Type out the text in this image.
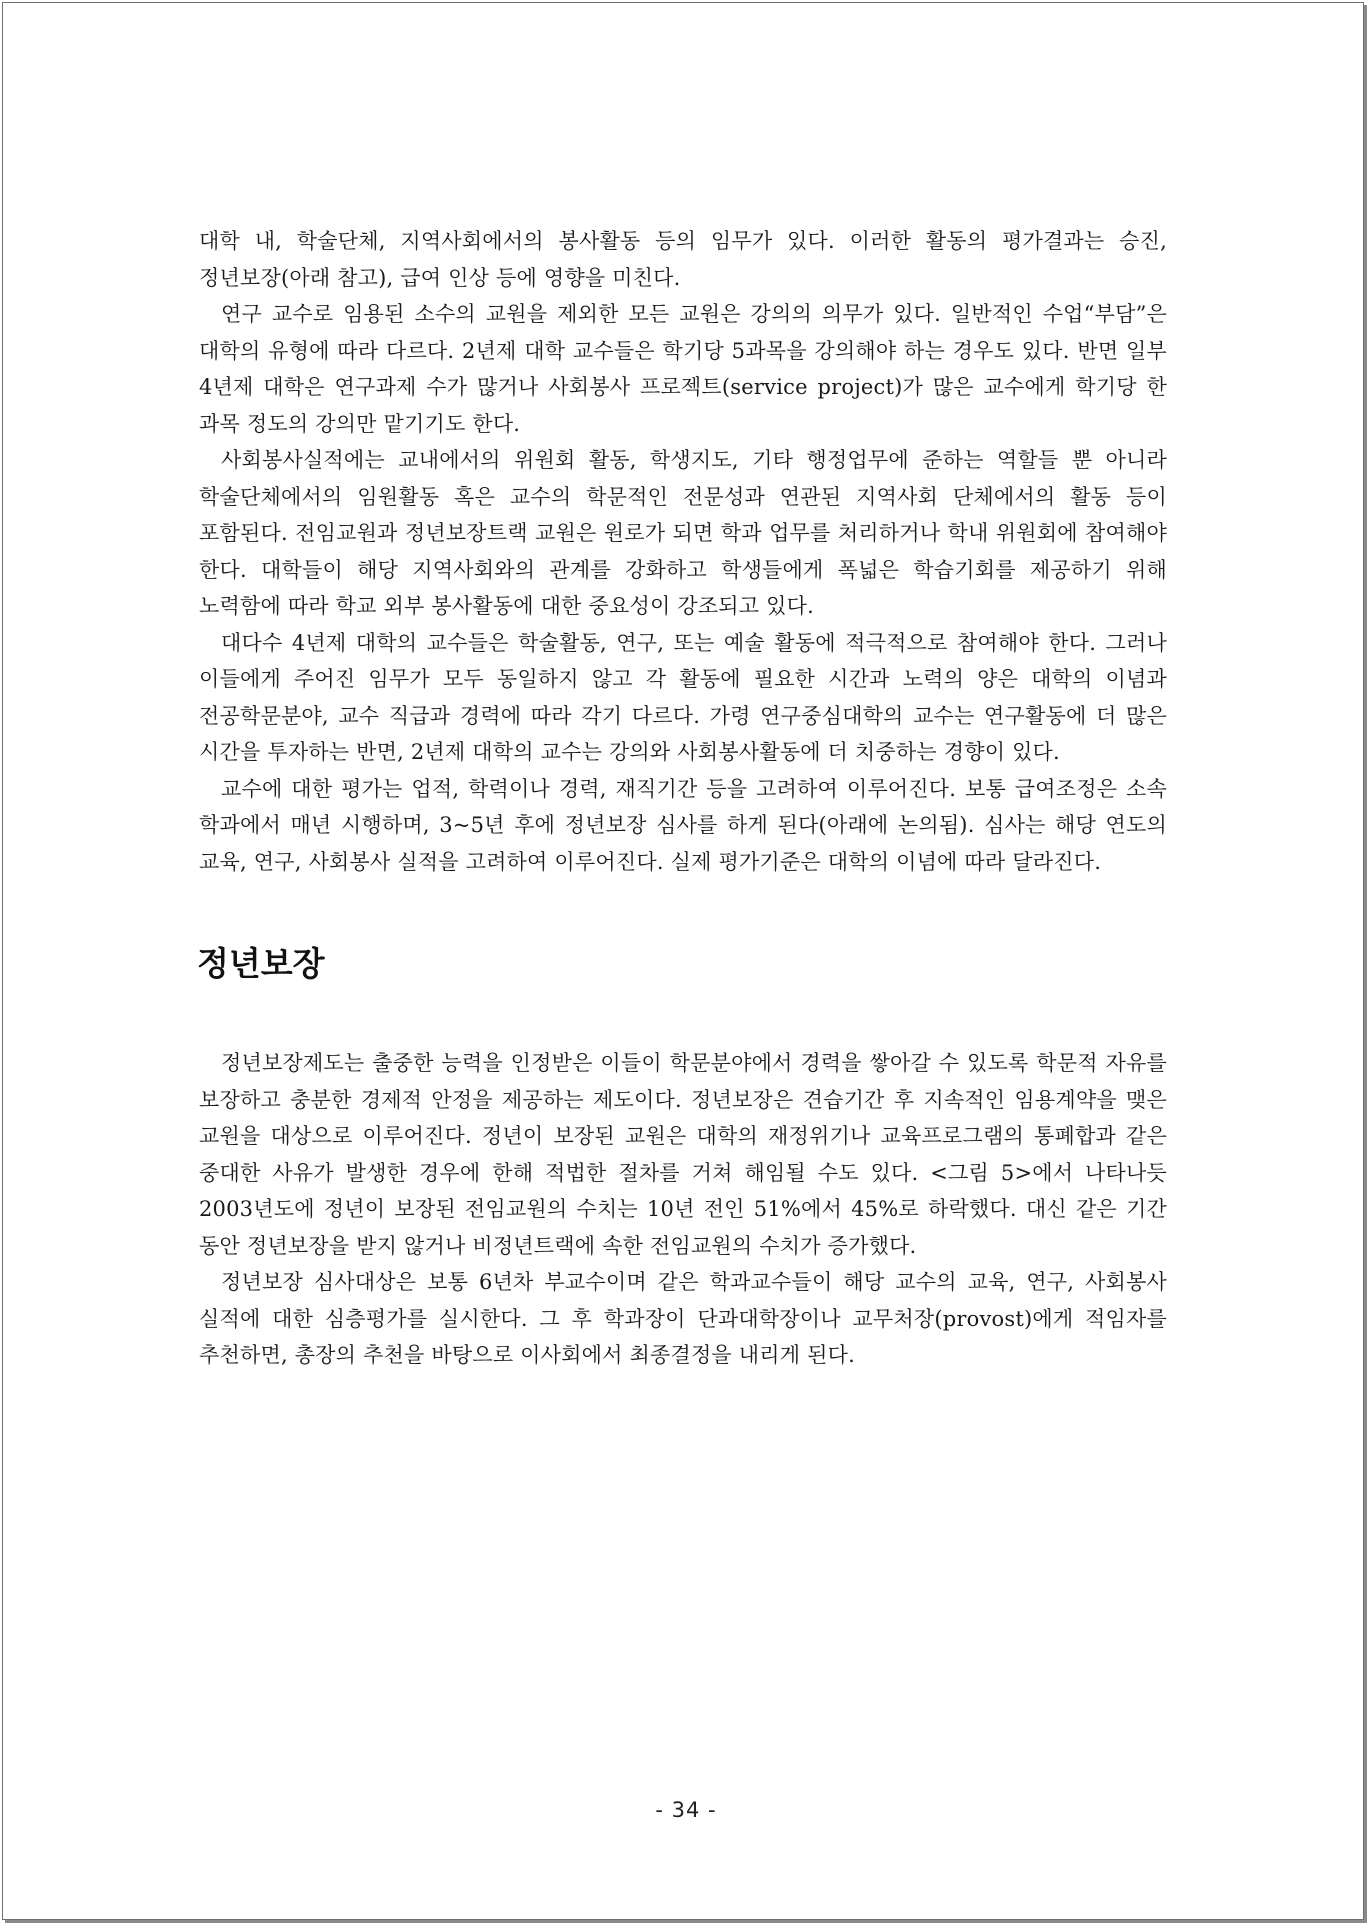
대학 내, 학술단체, 지역사회에서의 봉사활동 등의 임무가 있다. 이러한 활동의 평가결과는 승진, 정년보장(아래 참고), 급여 인상 등에 영향을 미친다.

연구 교수로 임용된 소수의 교원을 제외한 모든 교원은 강의의 의무가 있다. 일반적인 수업“부담”은 대학의 유형에 따라 다르다. 2년제 대학 교수들은 학기당 5과목을 강의해야 하는 경우도 있다. 반면 일부 4년제 대학은 연구과제 수가 많거나 사회봉사 프로젝트(service project)가 많은 교수에게 학기당 한 과목 정도의 강의만 맡기기도 한다.

사회봉사실적에는 교내에서의 위원회 활동, 학생지도, 기타 행정업무에 준하는 역할들 뿐 아니라 학술단체에서의 임원활동 혹은 교수의 학문적인 전문성과 연관된 지역사회 단체에서의 활동 등이 포함된다. 전임교원과 정년보장트랙 교원은 원로가 되면 학과 업무를 처리하거나 학내 위원회에 참여해야 한다. 대학들이 해당 지역사회와의 관계를 강화하고 학생들에게 폭넓은 학습기회를 제공하기 위해 노력함에 따라 학교 외부 봉사활동에 대한 중요성이 강조되고 있다.

대다수 4년제 대학의 교수들은 학술활동, 연구, 또는 예술 활동에 적극적으로 참여해야 한다. 그러나 이들에게 주어진 임무가 모두 동일하지 않고 각 활동에 필요한 시간과 노력의 양은 대학의 이념과 전공학문분야, 교수 직급과 경력에 따라 각기 다르다. 가령 연구중심대학의 교수는 연구활동에 더 많은 시간을 투자하는 반면, 2년제 대학의 교수는 강의와 사회봉사활동에 더 치중하는 경향이 있다.

교수에 대한 평가는 업적, 학력이나 경력, 재직기간 등을 고려하여 이루어진다. 보통 급여조정은 소속 학과에서 매년 시행하며, 3~5년 후에 정년보장 심사를 하게 된다(아래에 논의됨). 심사는 해당 연도의 교육, 연구, 사회봉사 실적을 고려하여 이루어진다. 실제 평가기준은 대학의 이념에 따라 달라진다.

정년보장

정년보장제도는 출중한 능력을 인정받은 이들이 학문분야에서 경력을 쌓아갈 수 있도록 학문적 자유를 보장하고 충분한 경제적 안정을 제공하는 제도이다. 정년보장은 견습기간 후 지속적인 임용계약을 맺은 교원을 대상으로 이루어진다. 정년이 보장된 교원은 대학의 재정위기나 교육프로그램의 통폐합과 같은 중대한 사유가 발생한 경우에 한해 적법한 절차를 거쳐 해임될 수도 있다. <그림 5>에서 나타나듯 2003년도에 정년이 보장된 전임교원의 수치는 10년 전인 51%에서 45%로 하락했다. 대신 같은 기간 동안 정년보장을 받지 않거나 비정년트랙에 속한 전임교원의 수치가 증가했다.

정년보장 심사대상은 보통 6년차 부교수이며 같은 학과교수들이 해당 교수의 교육, 연구, 사회봉사 실적에 대한 심층평가를 실시한다. 그 후 학과장이 단과대학장이나 교무처장(provost)에게 적임자를 추천하면, 총장의 추천을 바탕으로 이사회에서 최종결정을 내리게 된다.

- 34 -
